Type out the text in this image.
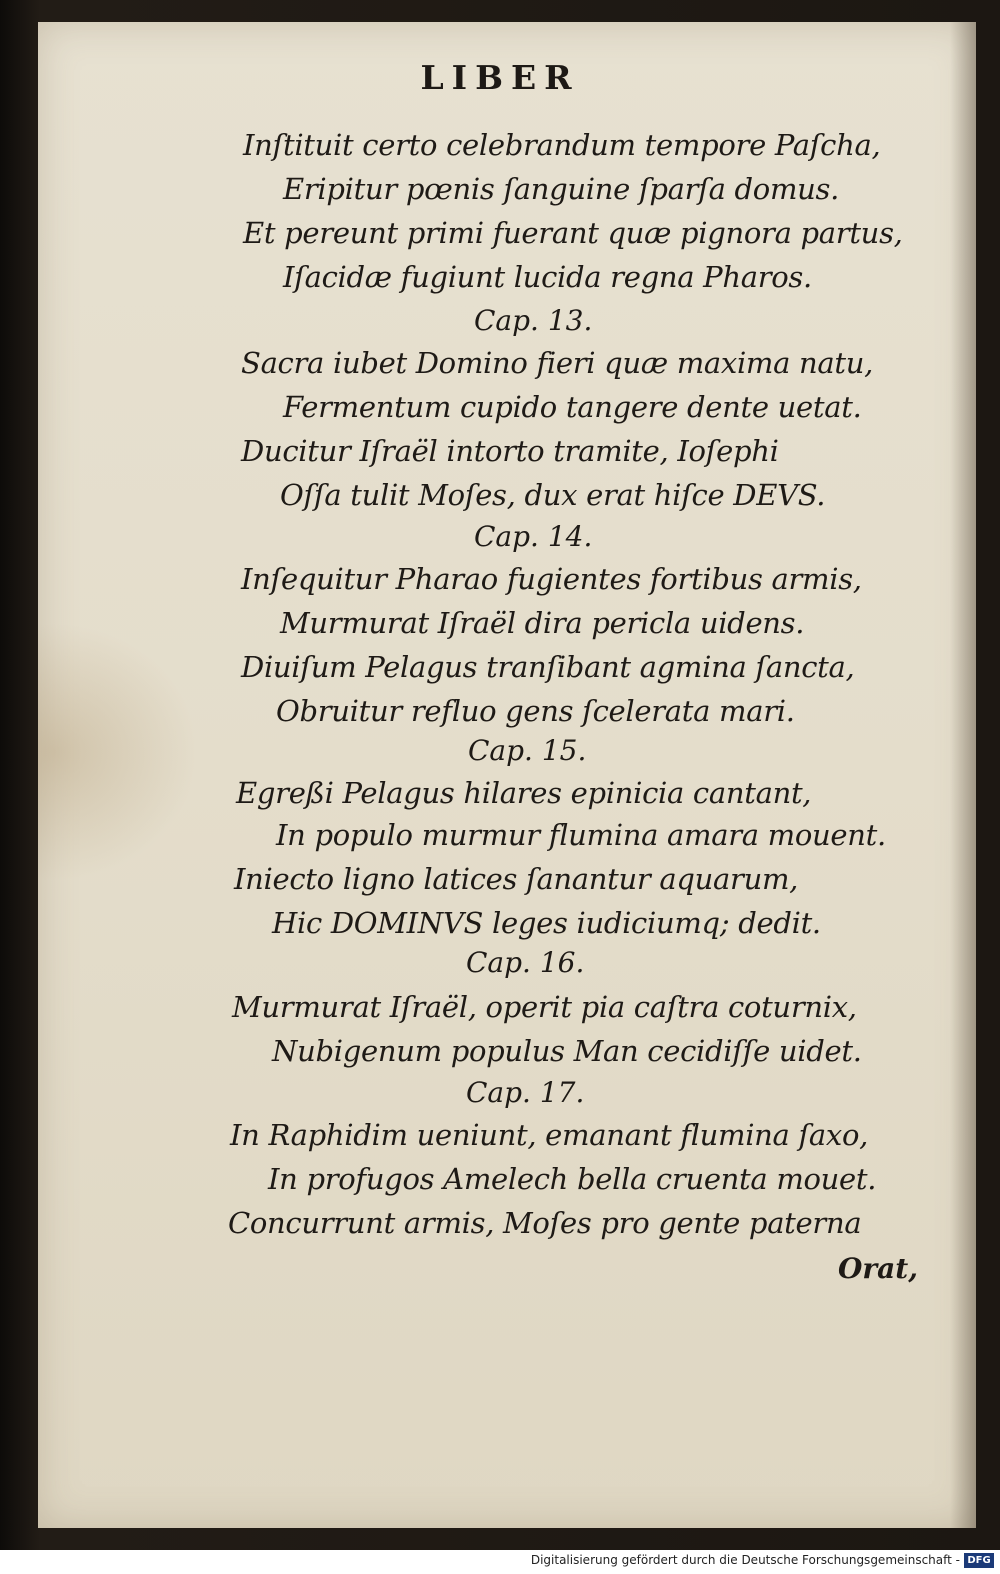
LIBER
Inſtituit certo celebrandum tempore Paſcha,
Eripitur pœnis ſanguine ſparſa domus.
Et pereunt primi fuerant quæ pignora partus,
Iſacidæ fugiunt lucida regna Pharos.
Cap. 13.
Sacra iubet Domino fieri quæ maxima natu,
Fermentum cupido tangere dente uetat.
Ducitur Iſraël intorto tramite, Ioſephi
Oſſa tulit Moſes, dux erat hiſce DEVS.
Cap. 14.
Inſequitur Pharao fugientes fortibus armis,
Murmurat Iſraël dira pericla uidens.
Diuiſum Pelagus tranſibant agmina ſancta,
Obruitur refluo gens ſcelerata mari.
Cap. 15.
Egreßi Pelagus hilares epinicia cantant,
In populo murmur flumina amara mouent.
Iniecto ligno latices ſanantur aquarum,
Hic DOMINVS leges iudiciumq; dedit.
Cap. 16.
Murmurat Iſraël, operit pia caſtra coturnix,
Nubigenum populus Man cecidiſſe uidet.
Cap. 17.
In Raphidim ueniunt, emanant flumina ſaxo,
In profugos Amelech bella cruenta mouet.
Concurrunt armis, Moſes pro gente paterna
Orat,
Digitalisierung gefördert durch die Deutsche Forschungsgemeinschaft - DFG
